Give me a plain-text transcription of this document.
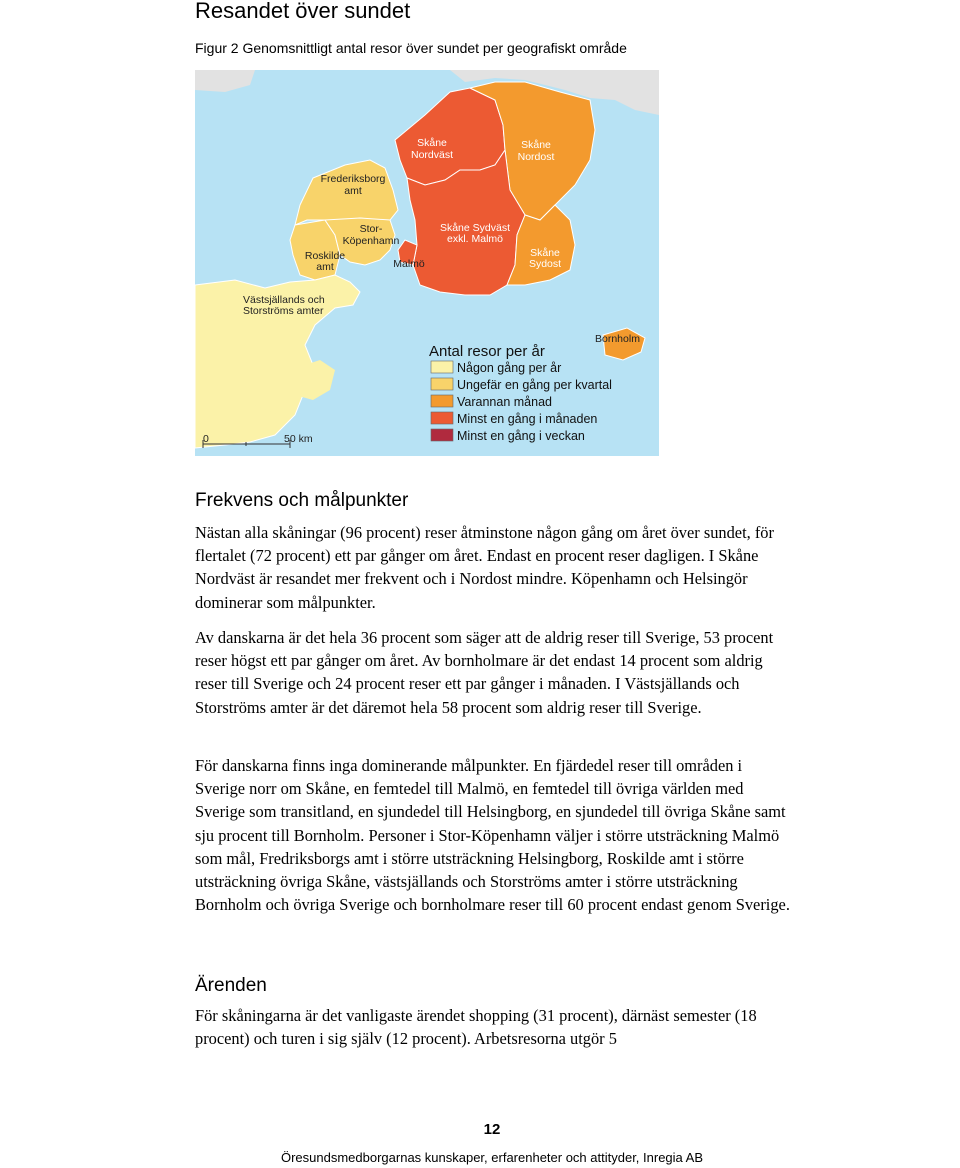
Resandet över sundet
Figur 2 Genomsnittligt antal resor över sundet per geografiskt område
Skåne
Nordväst
Skåne
Nordost
Frederiksborg
amt
Stor-
Köpenhamn
Skåne Sydväst
exkl. Malmö
Roskilde
amt	Malmö
Skåne
Sydost
Västsjällands och
Storströms amter
Bornholm
0	50 km
Antal resor per år
Någon gång per år
Ungefär en gång per kvartal
Varannan månad
Minst en gång i månaden
Minst en gång i veckan
Frekvens och målpunkter

Nästan alla skåningar (96 procent) reser åtminstone någon gång om året över sundet, för flertalet (72 procent) ett par gånger om året. Endast en procent reser dagligen. I Skåne Nordväst är resandet mer frekvent och i Nordost mindre. Köpenhamn och Helsingör dominerar som målpunkter.

Av danskarna är det hela 36 procent som säger att de aldrig reser till Sverige, 53 procent reser högst ett par gånger om året. Av bornholmare är det endast 14 procent som aldrig reser till Sverige och 24 procent reser ett par gånger i månaden. I Västsjällands och Storströms amter är det däremot hela 58 procent som aldrig reser till Sverige.

För danskarna finns inga dominerande målpunkter. En fjärdedel reser till områden i Sverige norr om Skåne, en femtedel till Malmö, en femtedel till övriga världen med Sverige som transitland, en sjundedel till Helsingborg, en sjundedel till övriga Skåne samt sju procent till Bornholm. Personer i Stor-Köpenhamn väljer i större utsträckning Malmö som mål, Fredriksborgs amt i större utsträckning Helsingborg, Roskilde amt i större utsträckning övriga Skåne, västsjällands och Storströms amter i större utsträckning Bornholm och övriga Sverige och bornholmare reser till 60 procent endast genom Sverige.

Ärenden

För skåningarna är det vanligaste ärendet shopping (31 procent), därnäst semester (18 procent) och turen i sig själv (12 procent). Arbetsresorna utgör 5

12
Öresundsmedborgarnas kunskaper, erfarenheter och attityder, Inregia AB
